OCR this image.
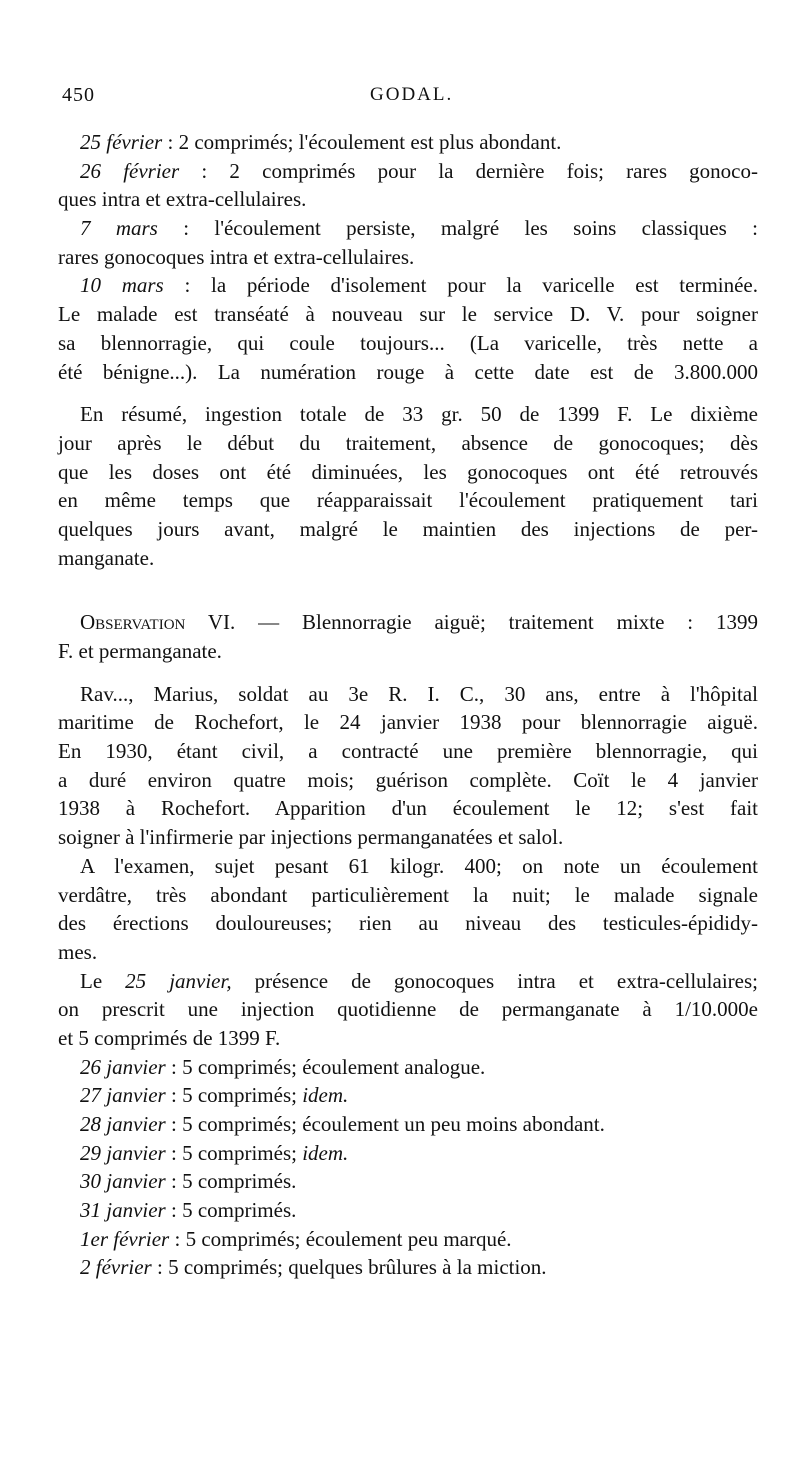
450	GODAL.
25 février : 2 comprimés; l'écoulement est plus abondant.
26 février : 2 comprimés pour la dernière fois; rares gonoco-
ques intra et extra-cellulaires.
7 mars : l'écoulement persiste, malgré les soins classiques :
rares gonocoques intra et extra-cellulaires.
10 mars : la période d'isolement pour la varicelle est terminée.
Le malade est transéaté à nouveau sur le service D. V. pour soigner
sa blennorragie, qui coule toujours... (La varicelle, très nette a
été bénigne...). La numération rouge à cette date est de 3.800.000
En résumé, ingestion totale de 33 gr. 50 de 1399 F. Le dixième
jour après le début du traitement, absence de gonocoques; dès
que les doses ont été diminuées, les gonocoques ont été retrouvés
en même temps que réapparaissait l'écoulement pratiquement tari
quelques jours avant, malgré le maintien des injections de per-
manganate.
Observation VI. — Blennorragie aiguë; traitement mixte : 1399
F. et permanganate.
Rav..., Marius, soldat au 3e R. I. C., 30 ans, entre à l'hôpital
maritime de Rochefort, le 24 janvier 1938 pour blennorragie aiguë.
En 1930, étant civil, a contracté une première blennorragie, qui
a duré environ quatre mois; guérison complète. Coït le 4 janvier
1938 à Rochefort. Apparition d'un écoulement le 12; s'est fait
soigner à l'infirmerie par injections permanganatées et salol.
A l'examen, sujet pesant 61 kilogr. 400; on note un écoulement
verdâtre, très abondant particulièrement la nuit; le malade signale
des érections douloureuses; rien au niveau des testicules-épididy-
mes.
Le 25 janvier, présence de gonocoques intra et extra-cellulaires;
on prescrit une injection quotidienne de permanganate à 1/10.000e
et 5 comprimés de 1399 F.
26 janvier : 5 comprimés; écoulement analogue.
27 janvier : 5 comprimés; idem.
28 janvier : 5 comprimés; écoulement un peu moins abondant.
29 janvier : 5 comprimés; idem.
30 janvier : 5 comprimés.
31 janvier : 5 comprimés.
1er février : 5 comprimés; écoulement peu marqué.
2 février : 5 comprimés; quelques brûlures à la miction.
